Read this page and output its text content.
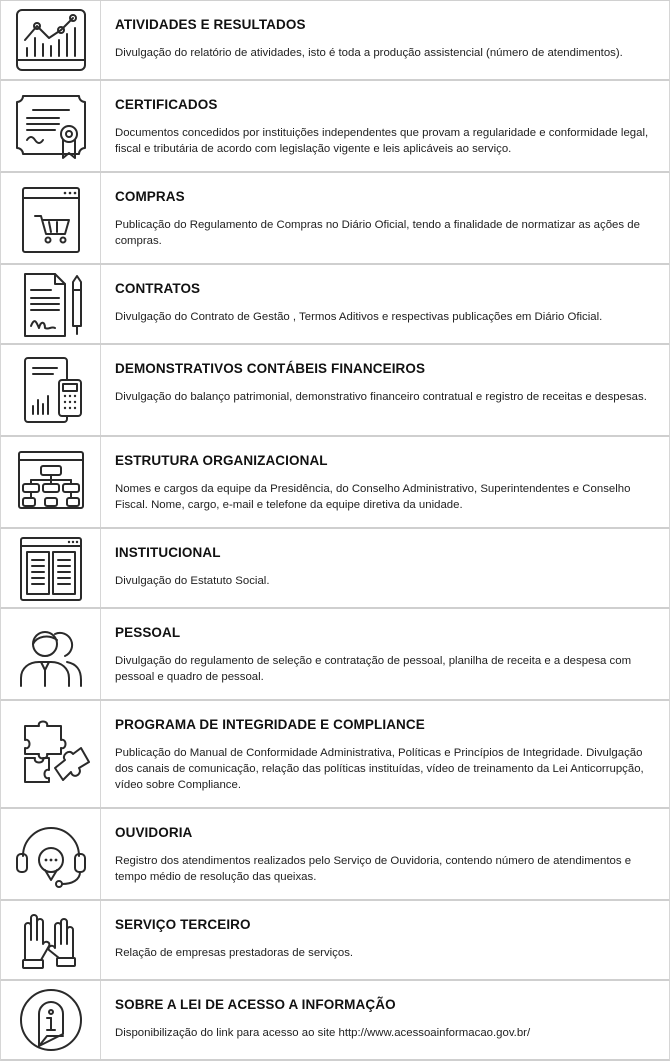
ATIVIDADES E RESULTADOS

Divulgação do relatório de atividades, isto é toda a produção assistencial (número de atendimentos).

CERTIFICADOS

Documentos concedidos por instituições independentes que provam a regularidade e conformidade legal, fiscal e tributária de acordo com legislação vigente e leis aplicáveis ao serviço.

COMPRAS

Publicação do Regulamento de Compras no Diário Oficial, tendo a finalidade de normatizar as ações de compras.

CONTRATOS

Divulgação do Contrato de Gestão , Termos Aditivos e respectivas publicações em Diário Oficial.

DEMONSTRATIVOS CONTÁBEIS FINANCEIROS

Divulgação do balanço patrimonial, demonstrativo financeiro contratual e registro de receitas e despesas.

ESTRUTURA ORGANIZACIONAL

Nomes e cargos da equipe da Presidência, do Conselho Administrativo, Superintendentes e Conselho Fiscal. Nome, cargo, e-mail e telefone da equipe diretiva da unidade.

INSTITUCIONAL

Divulgação do Estatuto Social.

PESSOAL

Divulgação do regulamento de seleção e contratação de pessoal, planilha de receita e a despesa com pessoal e quadro de pessoal.

PROGRAMA DE INTEGRIDADE E COMPLIANCE

Publicação do Manual de Conformidade Administrativa, Políticas e Princípios de Integridade. Divulgação dos canais de comunicação, relação das políticas instituídas, vídeo de treinamento da Lei Anticorrupção, vídeo sobre Compliance.

OUVIDORIA

Registro dos atendimentos realizados pelo Serviço de Ouvidoria, contendo número de atendimentos e tempo médio de resolução das queixas.

SERVIÇO TERCEIRO

Relação de empresas prestadoras de serviços.

SOBRE A LEI DE ACESSO A INFORMAÇÃO

Disponibilização do link para acesso ao site http://www.acessoainformacao.gov.br/
